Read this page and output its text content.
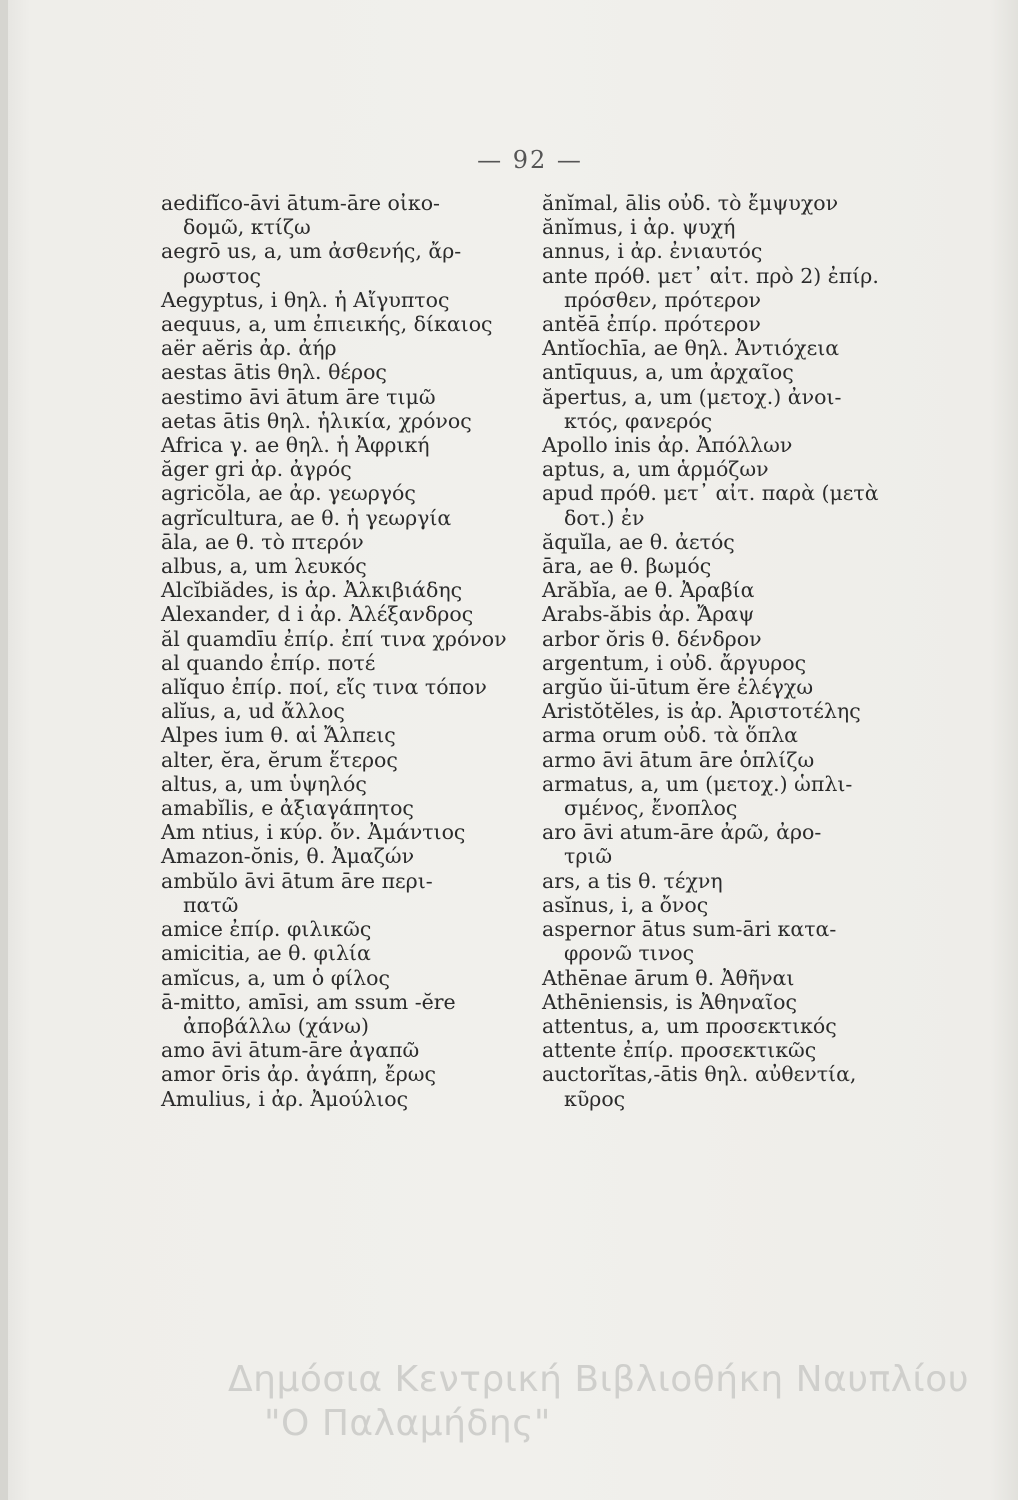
— 92 —
aedifĭco-āvi ātum-āre οἰκο-
δομῶ, κτίζω
aegrō us, a, um ἀσθενής, ἄρ-
ρωστος
Aegyptus, i θηλ. ἡ Αἴγυπτος
aequus, a, um ἐπιεικής, δίκαιος
aër aĕris ἀρ. ἀήρ
aestas ātis θηλ. θέρος
aestimo āvi ātum āre τιμῶ
aetas ātis θηλ. ἡλικία, χρόνος
Africa γ. ae θηλ. ἡ Ἀφρική
ăger gri ἀρ. ἀγρός
agricŏla, ae ἀρ. γεωργός
agrĭcultura, ae θ. ἡ γεωργία
āla, ae θ. τὸ πτερόν
albus, a, um λευκός
Alcĭbiădes, is ἀρ. Ἀλκιβιάδης
Alexander, d i ἀρ. Ἀλέξανδρος
ăl quamdīu ἐπίρ. ἐπί τινα χρόνον
al quando ἐπίρ. ποτέ
alĭquo ἐπίρ. ποί, εἴς τινα τόπον
alĭus, a, ud ἄλλος
Alpes ium θ. αἱ Ἄλπεις
alter, ĕra, ĕrum ἕτερος
altus, a, um ὑψηλός
amabĭlis, e ἀξιαγάπητος
Am ntius, i κύρ. ὄν. Ἀμάντιος
Amazon-ŏnis, θ. Ἀμαζών
ambŭlo āvi ātum āre περι-
πατῶ
amice ἐπίρ. φιλικῶς
amicitia, ae θ. φιλία
amĭcus, a, um ὁ φίλος
ā-mitto, amīsi, am ssum -ĕre
ἀποβάλλω (χάνω)
amo āvi ātum-āre ἀγαπῶ
amor ōris ἀρ. ἀγάπη, ἔρως
Amulius, i ἀρ. Ἀμούλιος
ănĭmal, ālis οὐδ. τὸ ἔμψυχον
ănĭmus, i ἀρ. ψυχή
annus, i ἀρ. ἐνιαυτός
ante πρόθ. μετ᾽ αἰτ. πρὸ 2) ἐπίρ.
πρόσθεν, πρότερον
antĕā ἐπίρ. πρότερον
Antĭochīa, ae θηλ. Ἀντιόχεια
antīquus, a, um ἀρχαῖος
ăpertus, a, um (μετοχ.) ἀνοι-
κτός, φανερός
Apollo inis ἀρ. Ἀπόλλων
aptus, a, um ἁρμόζων
apud πρόθ. μετ᾽ αἰτ. παρὰ (μετὰ
δοτ.) ἐν
ăquĭla, ae θ. ἀετός
āra, ae θ. βωμός
Arăbĭa, ae θ. Ἀραβία
Arabs-ăbis ἀρ. Ἄραψ
arbor ŏris θ. δένδρον
argentum, i οὐδ. ἄργυρος
argŭo ŭi-ūtum ĕre ἐλέγχω
Aristŏtĕles, is ἀρ. Ἀριστοτέλης
arma orum οὐδ. τὰ ὅπλα
armo āvi ātum āre ὁπλίζω
armatus, a, um (μετοχ.) ὡπλι-
σμένος, ἔνοπλος
aro āvi atum-āre ἀρῶ, ἀρο-
τριῶ
ars, a tis θ. τέχνη
asĭnus, i, a ὄνος
aspernor ātus sum-āri κατα-
φρονῶ τινος
Athēnae ārum θ. Ἀθῆναι
Athēniensis, is Ἀθηναῖος
attentus, a, um προσεκτικός
attente ἐπίρ. προσεκτικῶς
auctorĭtas,-ātis θηλ. αὐθεντία,
κῦρος
Δημόσια Κεντρική Βιβλιοθήκη Ναυπλίου
"Ο Παλαμήδης"
